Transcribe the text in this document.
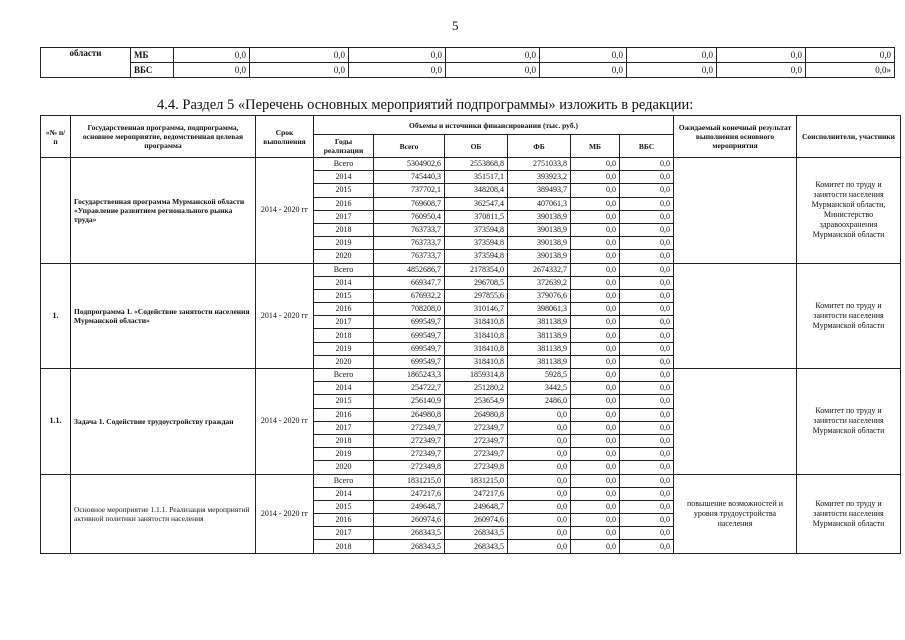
5
области	МБ	0,0	0,0	0,0	0,0	0,0	0,0	0,0	0,0
	ВБС	0,0	0,0	0,0	0,0	0,0	0,0	0,0	0,0»
4.4. Раздел 5 «Перечень основных мероприятий подпрограммы» изложить в редакции:
«№ п/п	Государственная программа, подпрограмма, основное мероприятие, ведомственная целевая программа	Срок выполнения	Объемы и источники финансирования (тыс. руб.)						Ожидаемый конечный результат выполнения основного мероприятия	Соисполнители, участники
			Годы реализации	Всего	ОБ	ФБ	МБ	ВБС		
	Государственная программа Мурманской области «Управление развитием регионального рынка труда»	2014 - 2020 гг	Всего	5304902,6	2553868,8	2751033,8	0,0	0,0		Комитет по труду и занятости населения Мурманской области, Министерство здравоохранения Мурманской области
			2014	745440,3	351517,1	393923,2	0,0	0,0		
			2015	737702,1	348208,4	389493,7	0,0	0,0		
			2016	769608,7	362547,4	407061,3	0,0	0,0		
			2017	760950,4	370811,5	390138,9	0,0	0,0		
			2018	763733,7	373594,8	390138,9	0,0	0,0		
			2019	763733,7	373594,8	390138,9	0,0	0,0		
			2020	763733,7	373594,8	390138,9	0,0	0,0		
1.	Подпрограмма 1. «Содействие занятости населения Мурманской области»	2014 - 2020 гг	Всего	4852686,7	2178354,0	2674332,7	0,0	0,0		Комитет по труду и занятости населения Мурманской области
			2014	669347,7	296708,5	372639,2	0,0	0,0		
			2015	676932,2	297855,6	379076,6	0,0	0,0		
			2016	708208,0	310146,7	398061,3	0,0	0,0		
			2017	699549,7	318410,8	381138,9	0,0	0,0		
			2018	699549,7	318410,8	381138,9	0,0	0,0		
			2019	699549,7	318410,8	381138,9	0,0	0,0		
			2020	699549,7	318410,8	381138,9	0,0	0,0		
1.1.	Задача 1. Содействие трудоустройству граждан	2014 - 2020 гг	Всего	1865243,3	1859314,8	5928,5	0,0	0,0		Комитет по труду и занятости населения Мурманской области
			2014	254722,7	251280,2	3442,5	0,0	0,0		
			2015	256140,9	253654,9	2486,0	0,0	0,0		
			2016	264980,8	264980,8	0,0	0,0	0,0		
			2017	272349,7	272349,7	0,0	0,0	0,0		
			2018	272349,7	272349,7	0,0	0,0	0,0		
			2019	272349,7	272349,7	0,0	0,0	0,0		
			2020	272349,8	272349,8	0,0	0,0	0,0		
	Основное мероприятие 1.1.1. Реализация мероприятий активной политики занятости населения	2014 - 2020 гг	Всего	1831215,0	1831215,0	0,0	0,0	0,0	повышение возможностей и уровня трудоустройства населения	Комитет по труду и занятости населения Мурманской области
			2014	247217,6	247217,6	0,0	0,0	0,0		
			2015	249648,7	249648,7	0,0	0,0	0,0		
			2016	260974,6	260974,6	0,0	0,0	0,0		
			2017	268343,5	268343,5	0,0	0,0	0,0		
			2018	268343,5	268343,5	0,0	0,0	0,0		
